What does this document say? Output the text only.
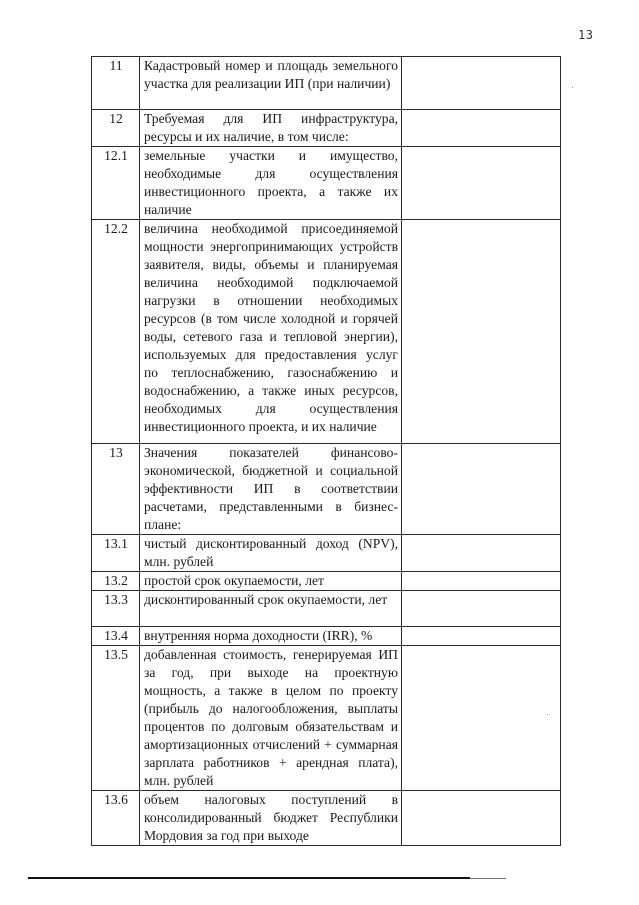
13
11	Кадастровый номер и площадь земельного участка для реализации ИП (при наличии)	
12	Требуемая для ИП инфраструктура, ресурсы и их наличие, в том числе:	
12.1	земельные участки и имущество, необходимые для осуществления инвестиционного проекта, а также их наличие	
12.2	величина необходимой присоединяемой мощности энергопринимающих устройств заявителя, виды, объемы и планируемая величина необходимой подключаемой нагрузки в отношении необходимых ресурсов (в том числе холодной и горячей воды, сетевого газа и тепловой энергии), используемых для предоставления услуг по теплоснабжению, газоснабжению и водоснабжению, а также иных ресурсов, необходимых для осуществления инвестиционного проекта, и их наличие	
13	Значения показателей финансово-экономической, бюджетной и социальной эффективности ИП в соответствии расчетами, представленными в бизнес-плане:	
13.1	чистый дисконтированный доход (NPV), млн. рублей	
13.2	простой срок окупаемости, лет	
13.3	дисконтированный срок окупаемости, лет	
13.4	внутренняя норма доходности (IRR), %	
13.5	добавленная стоимость, генерируемая ИП за год, при выходе на проектную мощность, а также в целом по проекту (прибыль до налогообложения, выплаты процентов по долговым обязательствам и амортизационных отчислений + суммарная зарплата работников + арендная плата), млн. рублей	
13.6	объем налоговых поступлений в консолидированный бюджет Республики Мордовия за год при выходе	
